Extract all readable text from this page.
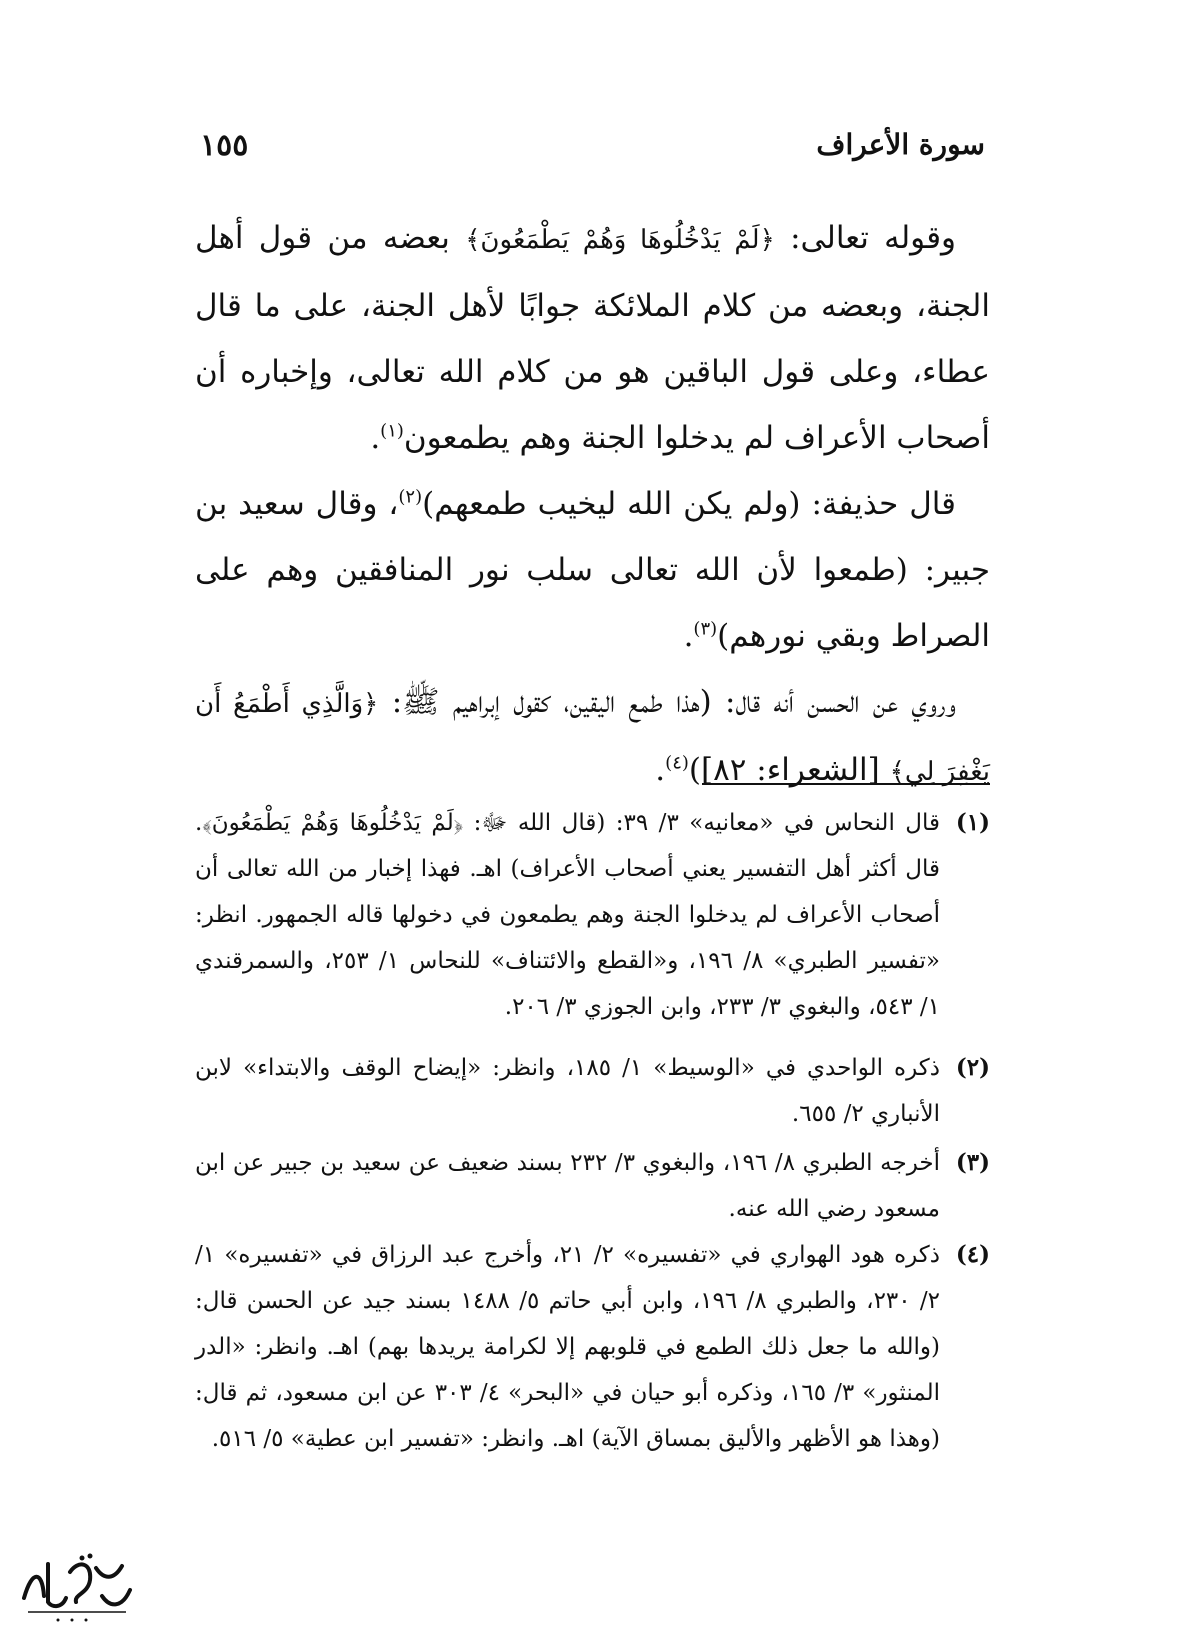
سورة الأعراف
١٥٥

وقوله تعالى: ﴿لَمْ يَدْخُلُوهَا وَهُمْ يَطْمَعُونَ﴾ بعضه من قول أهل الجنة، وبعضه من كلام الملائكة جوابًا لأهل الجنة، على ما قال عطاء، وعلى قول الباقين هو من كلام الله تعالى، وإخباره أن أصحاب الأعراف لم يدخلوا الجنة وهم يطمعون$^{(١)}$.

قال حذيفة: (ولم يكن الله ليخيب طمعهم)$^{(٢)}$، وقال سعيد بن جبير: (طمعوا لأن الله تعالى سلب نور المنافقين وهم على الصراط وبقي نورهم)$^{(٣)}$.

وروي عن الحسن أنه قال: (هذا طمع اليقين، كقول إبراهيم ﷺ: ﴿وَالَّذِي أَطْمَعُ أَن يَغْفِرَ لِي﴾ [الشعراء: ٨٢])$^{(٤)}$.

(١)
قال النحاس في «معانيه» ٣/ ٣٩: (قال الله ﷻ: ﴿لَمْ يَدْخُلُوهَا وَهُمْ يَطْمَعُونَ﴾. قال أكثر أهل التفسير يعني أصحاب الأعراف) اهـ. فهذا إخبار من الله تعالى أن أصحاب الأعراف لم يدخلوا الجنة وهم يطمعون في دخولها قاله الجمهور. انظر: «تفسير الطبري» ٨/ ١٩٦، و«القطع والائتناف» للنحاس ١/ ٢٥٣، والسمرقندي ١/ ٥٤٣، والبغوي ٣/ ٢٣٣، وابن الجوزي ٣/ ٢٠٦.
(٢)
ذكره الواحدي في «الوسيط» ١/ ١٨٥، وانظر: «إيضاح الوقف والابتداء» لابن الأنباري ٢/ ٦٥٥.
(٣)
أخرجه الطبري ٨/ ١٩٦، والبغوي ٣/ ٢٣٢ بسند ضعيف عن سعيد بن جبير عن ابن مسعود رضي الله عنه.
(٤)
ذكره هود الهواري في «تفسيره» ٢/ ٢١، وأخرج عبد الرزاق في «تفسيره» ١/ ٢/ ٢٣٠، والطبري ٨/ ١٩٦، وابن أبي حاتم ٥/ ١٤٨٨ بسند جيد عن الحسن قال: (والله ما جعل ذلك الطمع في قلوبهم إلا لكرامة يريدها بهم) اهـ. وانظر: «الدر المنثور» ٣/ ١٦٥، وذكره أبو حيان في «البحر» ٤/ ٣٠٣ عن ابن مسعود، ثم قال: (وهذا هو الأظهر والأليق بمساق الآية) اهـ. وانظر: «تفسير ابن عطية» ٥/ ٥١٦.
